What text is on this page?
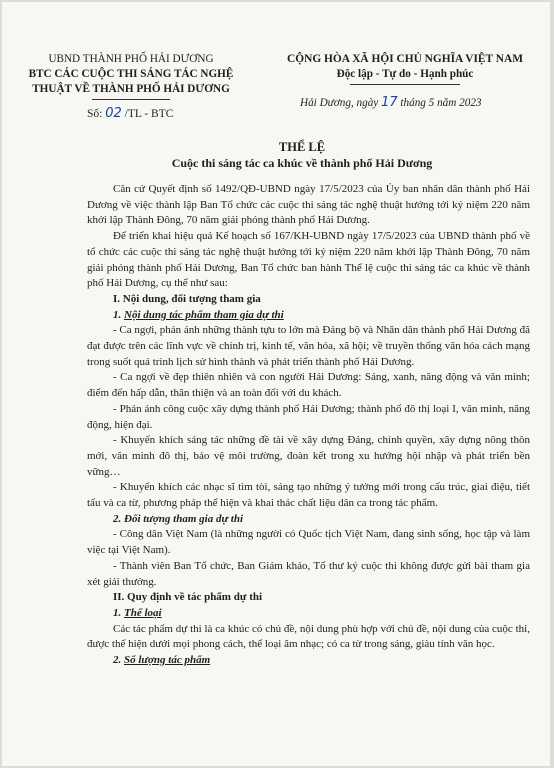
UBND THÀNH PHỐ HẢI DƯƠNG
BTC CÁC CUỘC THI SÁNG TÁC NGHỆ
THUẬT VỀ THÀNH PHỐ HẢI DƯƠNG
CỘNG HÒA XÃ HỘI CHỦ NGHĨA VIỆT NAM
Độc lập - Tự do - Hạnh phúc
Số: 02 /TL - BTC
Hải Dương, ngày 17 tháng 5 năm 2023
THỂ LỆ
Cuộc thi sáng tác ca khúc về thành phố Hải Dương

Căn cứ Quyết định số 1492/QĐ-UBND ngày 17/5/2023 của Ủy ban nhân dân thành phố Hải Dương về việc thành lập Ban Tổ chức các cuộc thi sáng tác nghệ thuật hướng tới kỷ niệm 220 năm khởi lập Thành Đông, 70 năm giải phóng thành phố Hải Dương.

Để triển khai hiệu quả Kế hoạch số 167/KH-UBND ngày 17/5/2023 của UBND thành phố về tổ chức các cuộc thi sáng tác nghệ thuật hướng tới kỷ niệm 220 năm khởi lập Thành Đông, 70 năm giải phóng thành phố Hải Dương, Ban Tổ chức ban hành Thể lệ cuộc thi sáng tác ca khúc về thành phố Hải Dương, cụ thể như sau:

I. Nội dung, đối tượng tham gia

1. Nội dung tác phẩm tham gia dự thi

- Ca ngợi, phản ánh những thành tựu to lớn mà Đảng bộ và Nhân dân thành phố Hải Dương đã đạt được trên các lĩnh vực về chính trị, kinh tế, văn hóa, xã hội; về truyền thống văn hóa cách mạng trong suốt quá trình lịch sử hình thành và phát triển thành phố Hải Dương.

- Ca ngợi về đẹp thiên nhiên và con người Hải Dương: Sáng, xanh, năng động và văn minh; điểm đến hấp dẫn, thân thiện và an toàn đối với du khách.

- Phản ánh công cuộc xây dựng thành phố Hải Dương; thành phố đô thị loại I, văn minh, năng động, hiện đại.

- Khuyến khích sáng tác những đề tài về xây dựng Đảng, chính quyền, xây dựng nông thôn mới, văn minh đô thị, bảo vệ môi trường, đoàn kết trong xu hướng hội nhập và phát triển bền vững…

- Khuyến khích các nhạc sĩ tìm tòi, sáng tạo những ý tưởng mới trong cấu trúc, giai điệu, tiết tấu và ca từ, phương pháp thể hiện và khai thác chất liệu dân ca trong tác phẩm.

2. Đối tượng tham gia dự thi

- Công dân Việt Nam (là những người có Quốc tịch Việt Nam, đang sinh sống, học tập và làm việc tại Việt Nam).

- Thành viên Ban Tổ chức, Ban Giám khảo, Tổ thư ký cuộc thi không được gửi bài tham gia xét giải thưởng.

II. Quy định về tác phẩm dự thi

1. Thể loại

Các tác phẩm dự thi là ca khúc có chủ đề, nội dung phù hợp với chủ đề, nội dung của cuộc thi, được thể hiện dưới mọi phong cách, thể loại âm nhạc; có ca từ trong sáng, giàu tính văn học.

2. Số lượng tác phẩm
